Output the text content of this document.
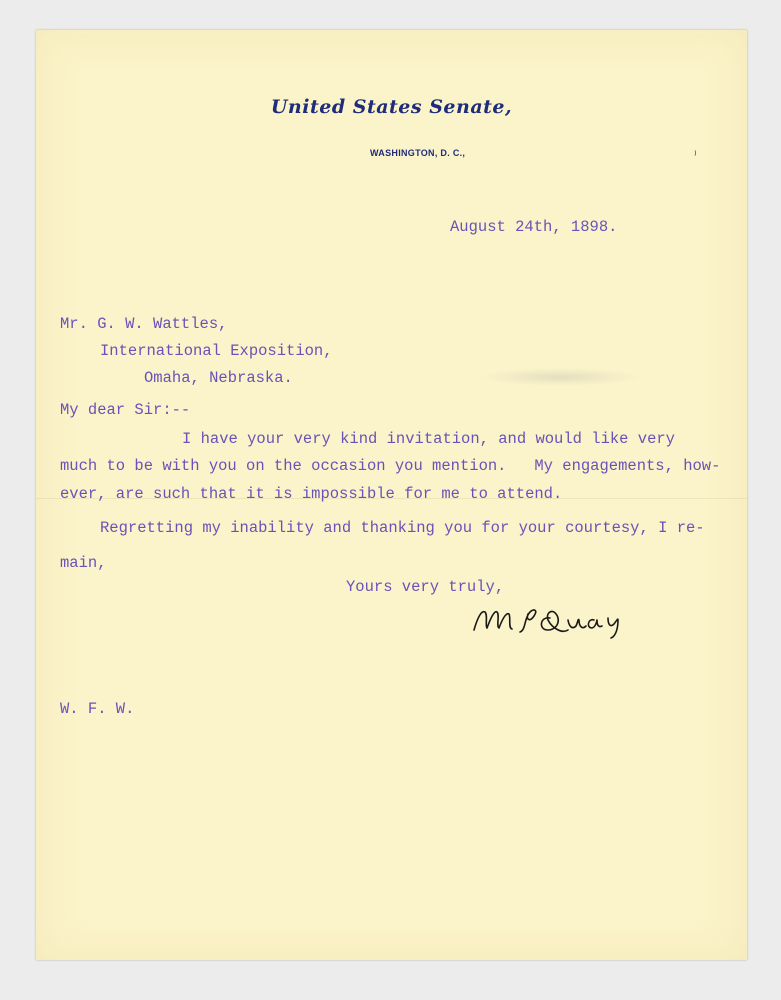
United States Senate,
WASHINGTON, D. C.,
August 24th, 1898.
Mr. G. W. Wattles,
International Exposition,
Omaha, Nebraska.
My dear Sir:--
I have your very kind invitation, and would like very
much to be with you on the occasion you mention.   My engagements, how-
ever, are such that it is impossible for me to attend.
Regretting my inability and thanking you for your courtesy, I re-
main,
Yours very truly,
M S Quay
W. F. W.
